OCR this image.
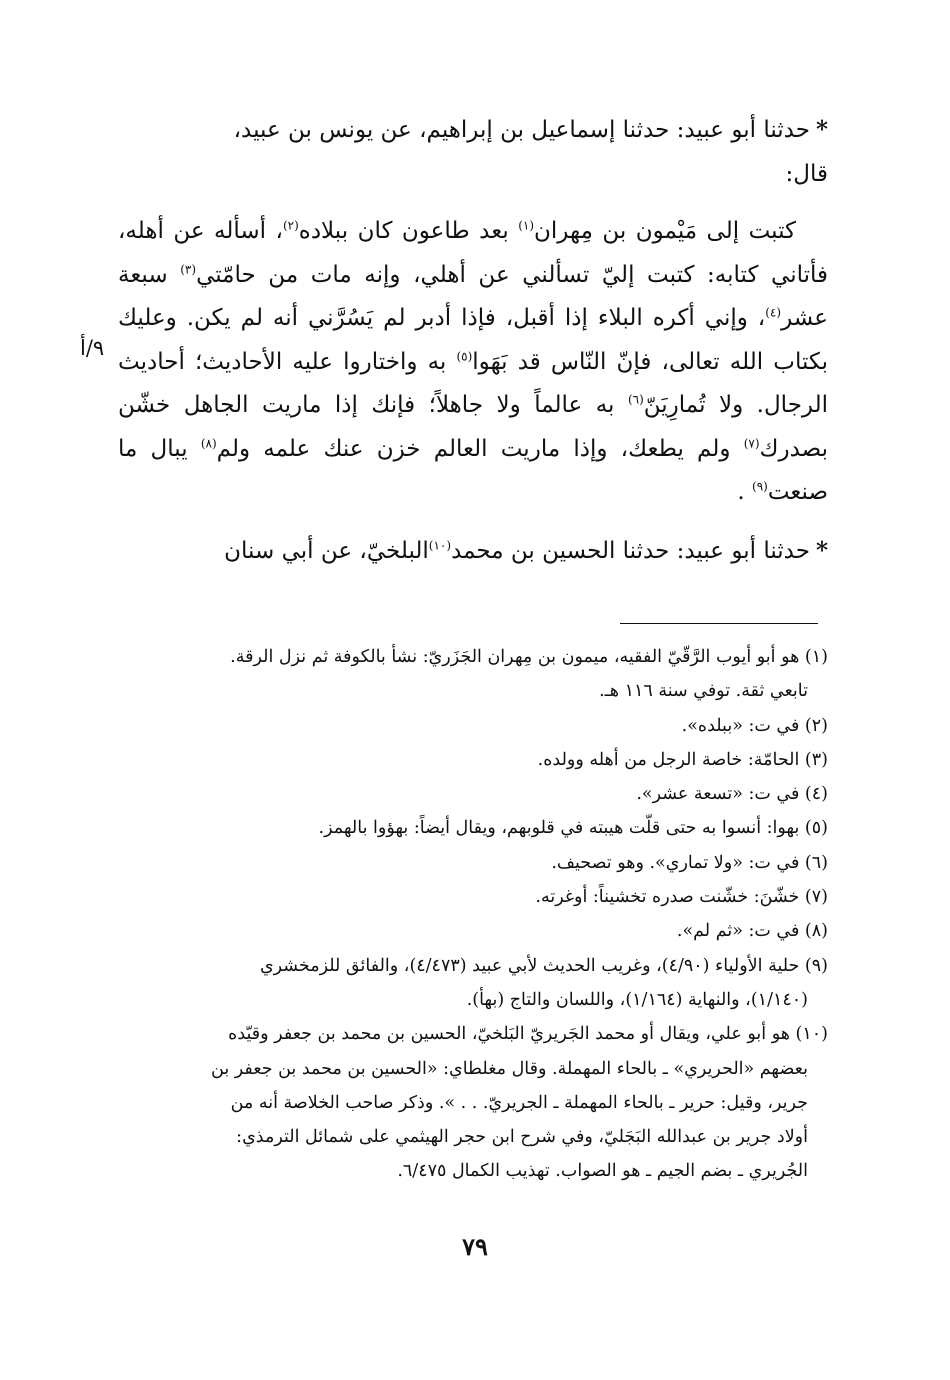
*حدثنا أبو عبيد: حدثنا إسماعيل بن إبراهيم، عن يونس بن عبيد،

قال:

كتبت إلى مَيْمون بن مِهران$^{(١)}$ بعد طاعون كان ببلاده$^{(٢)}$، أسأله عن أهله، فأتاني كتابه: كتبت إليّ تسألني عن أهلي، وإنه مات من حامّتي$^{(٣)}$ سبعة عشر$^{(٤)}$، وإني أكره البلاء إذا أقبل، فإذا أدبر لم يَسُرَّني أنه لم يكن. وعليك بكتاب الله تعالى، فإنّ النّاس قد بَهَوا$^{(٥)}$ به واختاروا عليه الأحاديث؛ أحاديث الرجال. ولا تُمارِيَنّ$^{(٦)}$ به عالماً ولا جاهلاً؛ فإنك إذا ماريت الجاهل خشّن بصدرك$^{(٧)}$ ولم يطعك، وإذا ماريت العالم خزن عنك علمه ولم$^{(٨)}$ يبال ما صنعت$^{(٩)}$ .

*حدثنا أبو عبيد: حدثنا الحسين بن محمد$^{(١٠)}$البلخيّ، عن أبي سنان

٩/أ

(١) هو أبو أيوب الرَّقّيّ الفقيه، ميمون بن مِهران الجَزَريّ: نشأ بالكوفة ثم نزل الرقة.

تابعي ثقة. توفي سنة ١١٦ هـ.

(٢) في ت: «ببلده».

(٣) الحامّة: خاصة الرجل من أهله وولده.

(٤) في ت: «تسعة عشر».

(٥) بهوا: أنسوا به حتى قلّت هيبته في قلوبهم، ويقال أيضاً: بهؤوا بالهمز.

(٦) في ت: «ولا تماري». وهو تصحيف.

(٧) خشّنَ: خشّنت صدره تخشيناً: أوغرته.

(٨) في ت: «ثم لم».

(٩) حلية الأولياء (٤/٩٠)، وغريب الحديث لأبي عبيد (٤/٤٧٣)، والفائق للزمخشري

(١/١٤٠)، والنهاية (١/١٦٤)، واللسان والتاج (بهأ).

(١٠) هو أبو علي، ويقال أو محمد الجَريريّ البَلخيّ، الحسين بن محمد بن جعفر وقيّده

بعضهم «الحريري» ـ بالحاء المهملة. وقال مغلطاي: «الحسين بن محمد بن جعفر بن

جرير، وقيل: حرير ـ بالحاء المهملة ـ الجريريّ. . . ». وذكر صاحب الخلاصة أنه من

أولاد جرير بن عبدالله البَجَليّ، وفي شرح ابن حجر الهيثمي على شمائل الترمذي:

الجُريري ـ بضم الجيم ـ هو الصواب. تهذيب الكمال ٦/٤٧٥.

٧٩
